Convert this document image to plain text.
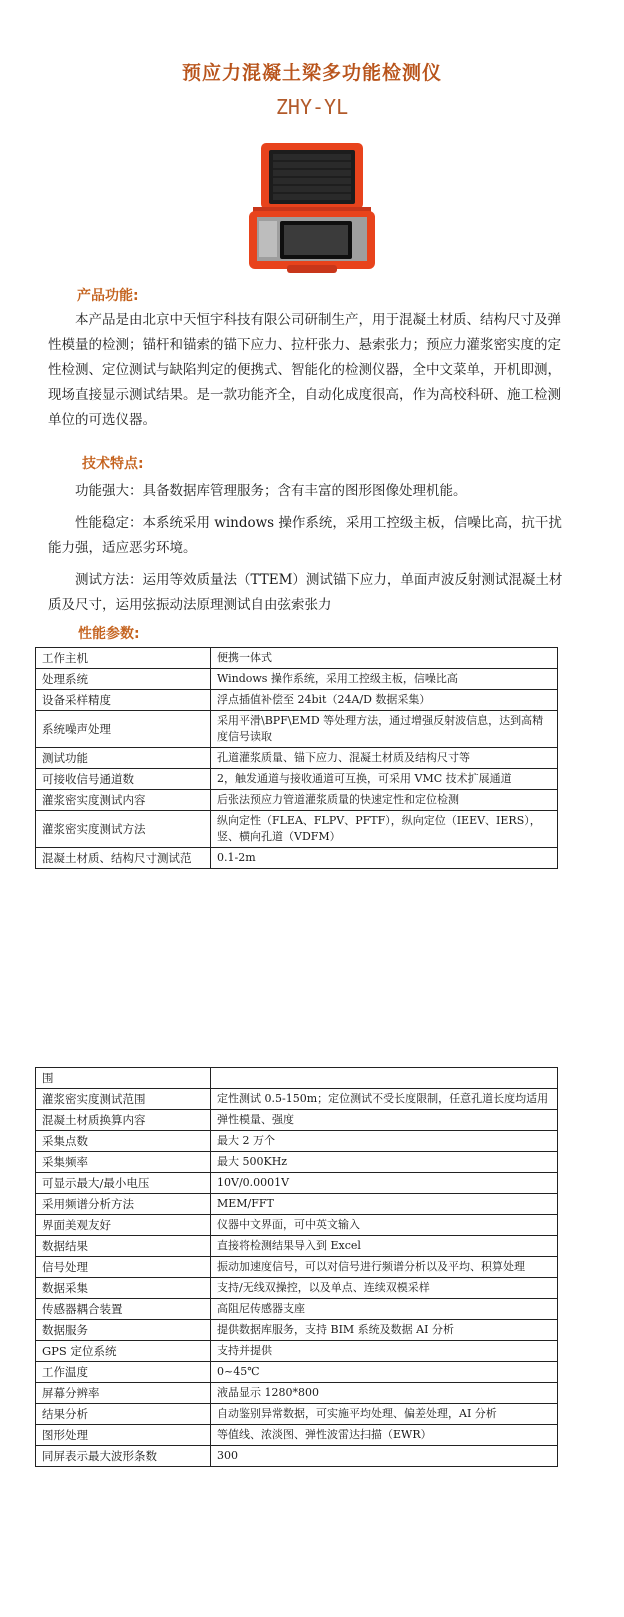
预应力混凝土梁多功能检测仪
ZHY-YL
产品功能:

本产品是由北京中天恒宇科技有限公司研制生产，用于混凝土材质、结构尺寸及弹性模量的检测；锚杆和锚索的锚下应力、拉杆张力、悬索张力；预应力灌浆密实度的定性检测、定位测试与缺陷判定的便携式、智能化的检测仪器，全中文菜单，开机即测，现场直接显示测试结果。是一款功能齐全，自动化成度很高，作为高校科研、施工检测单位的可选仪器。

技术特点:

功能强大：具备数据库管理服务；含有丰富的图形图像处理机能。

性能稳定：本系统采用 windows 操作系统，采用工控级主板，信噪比高，抗干扰能力强，适应恶劣环境。

测试方法：运用等效质量法（TTEM）测试锚下应力，单面声波反射测试混凝土材质及尺寸，运用弦振动法原理测试自由弦索张力

性能参数:
工作主机	便携一体式
处理系统	Windows 操作系统，采用工控级主板，信噪比高
设备采样精度	浮点插值补偿至 24bit（24A/D 数据采集）
系统噪声处理	采用平滑\BPF\EMD 等处理方法，通过增强反射波信息，达到高精度信号读取
测试功能	孔道灌浆质量、锚下应力、混凝土材质及结构尺寸等
可接收信号通道数	2，触发通道与接收通道可互换，可采用 VMC 技术扩展通道
灌浆密实度测试内容	后张法预应力管道灌浆质量的快速定性和定位检测
灌浆密实度测试方法	纵向定性（FLEA、FLPV、PFTF），纵向定位（IEEV、IERS），竖、横向孔道（VDFM）
混凝土材质、结构尺寸测试范	0.1-2m
围	
灌浆密实度测试范围	定性测试 0.5-150m；定位测试不受长度限制，任意孔道长度均适用
混凝土材质换算内容	弹性模量、强度
采集点数	最大 2 万个
采集频率	最大 500KHz
可显示最大/最小电压	10V/0.0001V
采用频谱分析方法	MEM/FFT
界面美观友好	仪器中文界面，可中英文输入
数据结果	直接将检测结果导入到 Excel
信号处理	振动加速度信号，可以对信号进行频谱分析以及平均、积算处理
数据采集	支持/无线双操控，以及单点、连续双模采样
传感器耦合装置	高阻尼传感器支座
数据服务	提供数据库服务，支持 BIM 系统及数据 AI 分析
GPS 定位系统	支持并提供
工作温度	0~45℃
屏幕分辨率	液晶显示 1280*800
结果分析	自动鉴别异常数据，可实施平均处理、偏差处理，AI 分析
图形处理	等值线、浓淡图、弹性波雷达扫描（EWR）
同屏表示最大波形条数	300
